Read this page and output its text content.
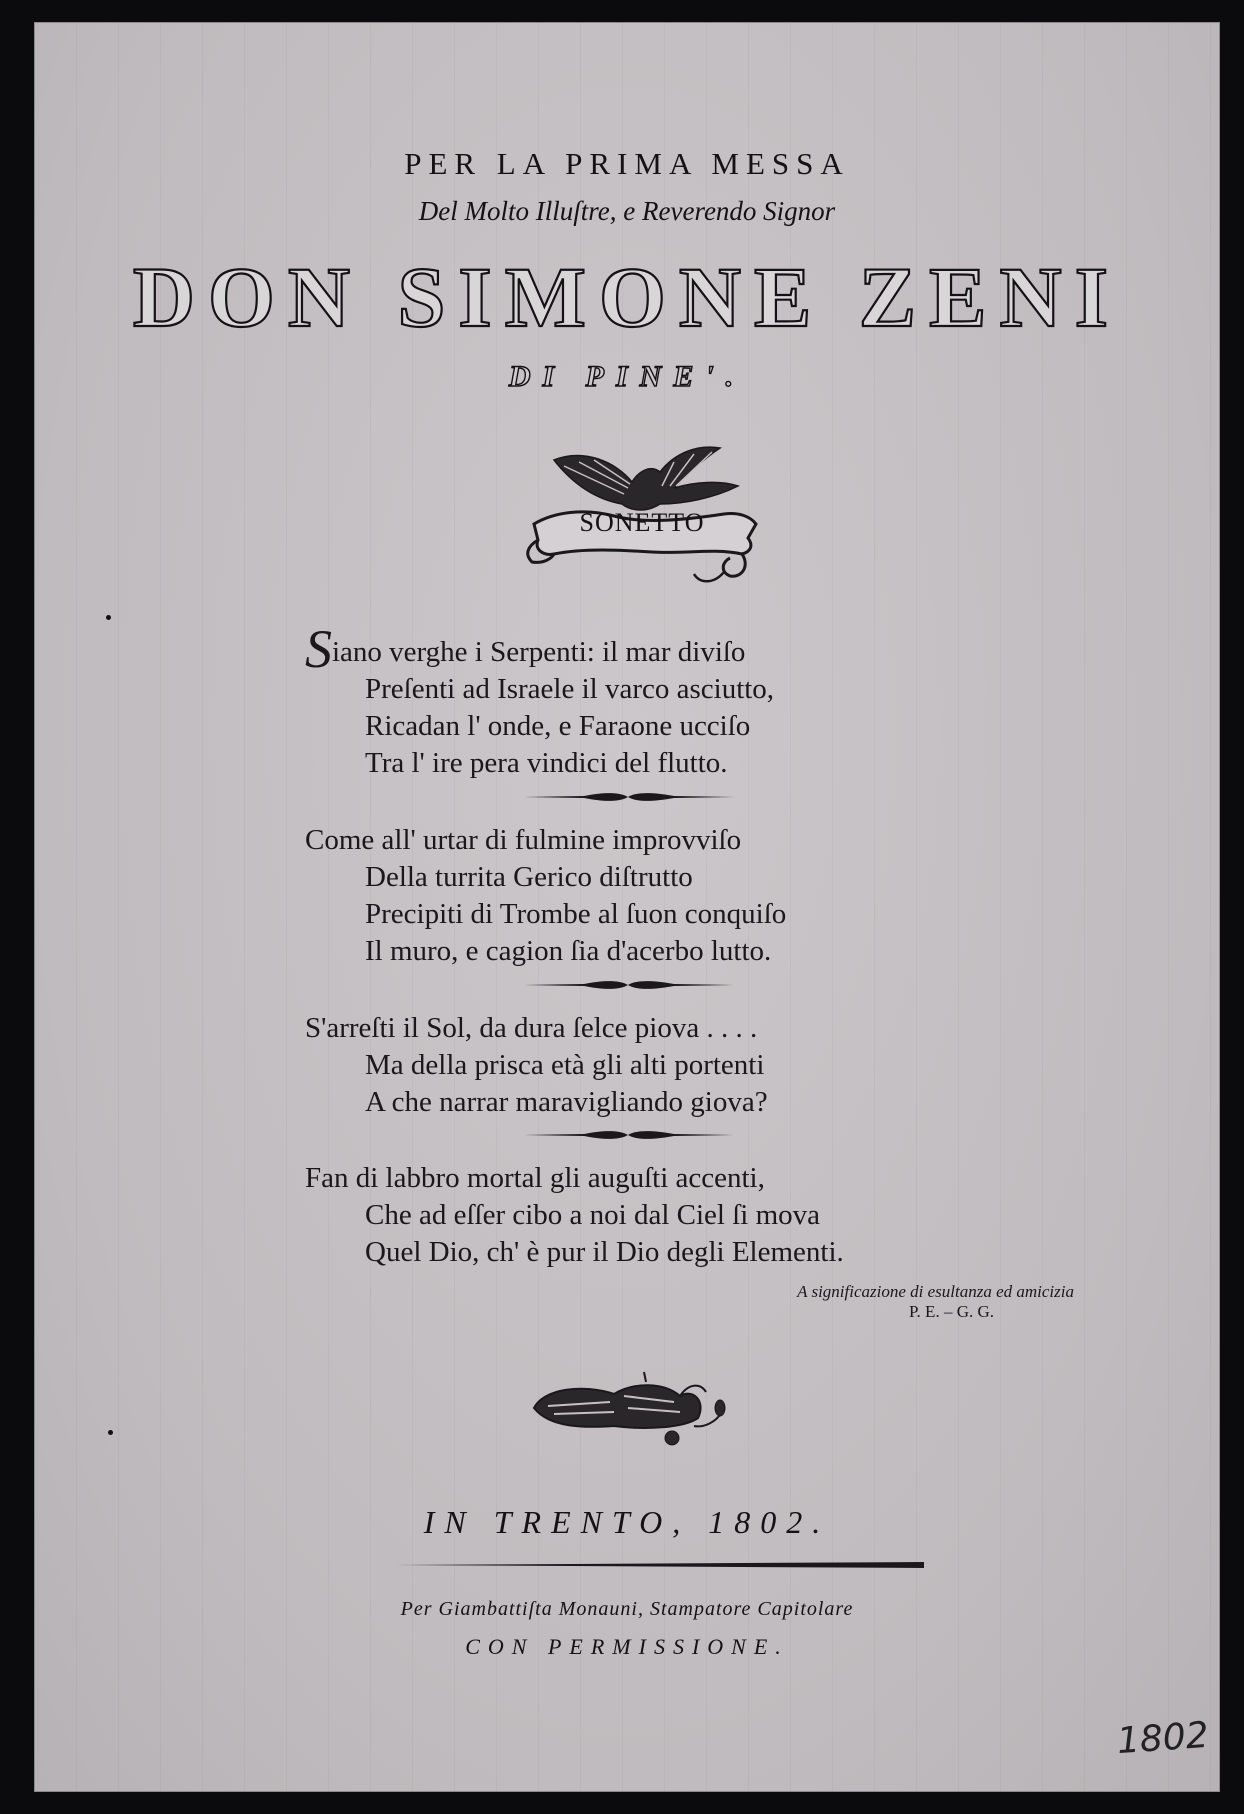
PER LA PRIMA MESSA
Del Molto Illuſtre, e Reverendo Signor
DON SIMONE ZENI
DI PINE'.
SONETTO
Siano verghe i Serpenti: il mar diviſo
Preſenti ad Israele il varco asciutto,
Ricadan l' onde, e Faraone ucciſo
Tra l' ire pera vindici del flutto.
Come all' urtar di fulmine improvviſo
Della turrita Gerico diſtrutto
Precipiti di Trombe al ſuon conquiſo
Il muro, e cagion ſia d'acerbo lutto.
S'arreſti il Sol, da dura ſelce piova . . . .
Ma della prisca età gli alti portenti
A che narrar maravigliando giova?
Fan di labbro mortal gli auguſti accenti,
Che ad eſſer cibo a noi dal Ciel ſi mova
Quel Dio, ch' è pur il Dio degli Elementi.
A significazione di esultanza ed amicizia
P. E. – G. G.
IN TRENTO, 1802.
Per Giambattiſta Monauni, Stampatore Capitolare
CON PERMISSIONE.
1802
